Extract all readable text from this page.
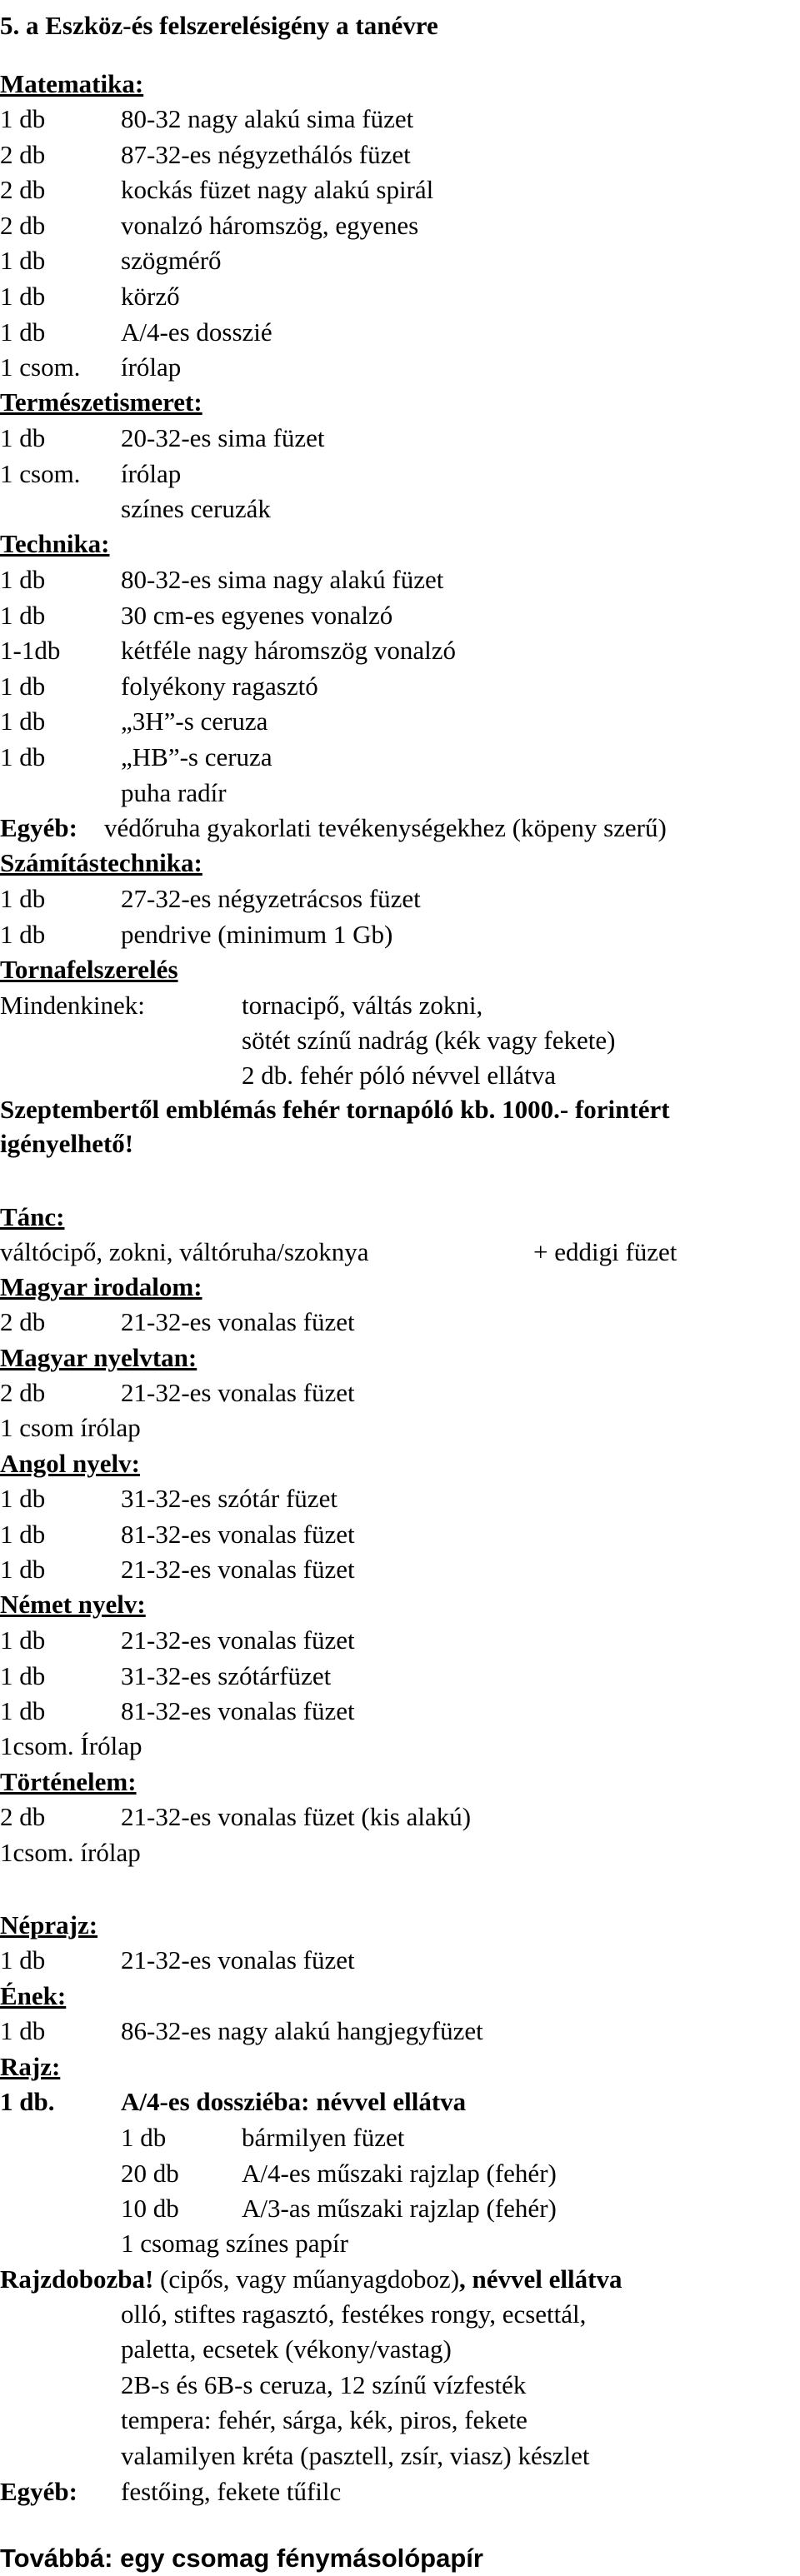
5. a Eszköz-és felszerelésigény a tanévre
Matematika:
1 db	80-32 nagy alakú sima füzet
2 db	87-32-es négyzethálós füzet
2 db	kockás füzet nagy alakú spirál
2 db	vonalzó háromszög, egyenes
1 db	szögmérő
1 db	körző
1 db	A/4-es dosszié
1 csom. írólap
Természetismeret:
1 db	20-32-es sima füzet
1 csom. írólap
színes ceruzák
Technika:
1 db	80-32-es sima nagy alakú füzet
1 db	30 cm-es egyenes vonalzó
1-1db kétféle nagy háromszög vonalzó
1 db	folyékony ragasztó
1 db	„3H”-s ceruza
1 db	„HB”-s ceruza
puha radír
Egyéb: védőruha gyakorlati tevékenységekhez (köpeny szerű)
Számítástechnika:
1 db	27-32-es négyzetrácsos füzet
1 db	pendrive (minimum 1 Gb)
Tornafelszerelés
Mindenkinek:	tornacipő, váltás zokni,
sötét színű nadrág (kék vagy fekete)
2 db. fehér póló névvel ellátva
Szeptembertől emblémás fehér tornapóló kb. 1000.- forintért
igényelhető!
Tánc:
váltócipő, zokni, váltóruha/szoknya	+ eddigi füzet
Magyar irodalom:
2 db	21-32-es vonalas füzet
Magyar nyelvtan:
2 db	21-32-es vonalas füzet
1 csom írólap
Angol nyelv:
1 db	31-32-es szótár füzet
1 db	81-32-es vonalas füzet
1 db	21-32-es vonalas füzet
Német nyelv:
1 db	21-32-es vonalas füzet
1 db	31-32-es szótárfüzet
1 db	81-32-es vonalas füzet
1csom. Írólap
Történelem:
2 db	21-32-es vonalas füzet (kis alakú)
1csom. írólap
Néprajz:
1 db	21-32-es vonalas füzet
Ének:
1 db	86-32-es nagy alakú hangjegyfüzet
Rajz:
1 db.	A/4-es dossziéba: névvel ellátva
1 db	bármilyen füzet
20 db A/4-es műszaki rajzlap (fehér)
10 db A/3-as műszaki rajzlap (fehér)
1 csomag színes papír
Rajzdobozba! (cipős, vagy műanyagdoboz), névvel ellátva
olló, stiftes ragasztó, festékes rongy, ecsettál,
paletta, ecsetek (vékony/vastag)
2B-s és 6B-s ceruza, 12 színű vízfesték
tempera: fehér, sárga, kék, piros, fekete
valamilyen kréta (pasztell, zsír, viasz) készlet
Egyéb: festőing, fekete tűfilc
Továbbá: egy csomag fénymásolópapír
